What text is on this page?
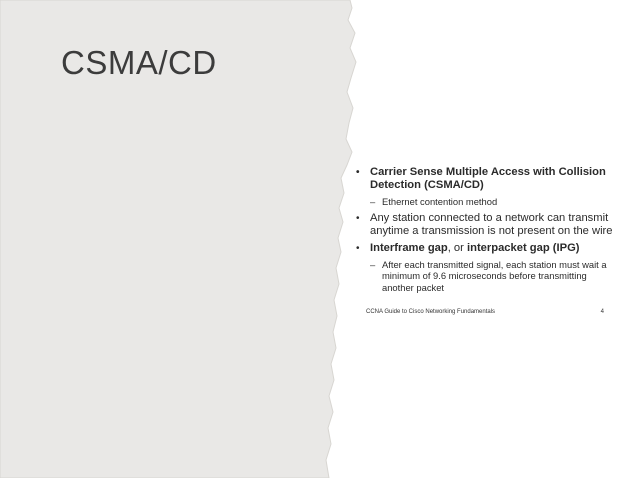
CSMA/CD
• Carrier Sense Multiple Access with Collision Detection (CSMA/CD)
– Ethernet contention method
• Any station connected to a network can transmit anytime a transmission is not present on the wire
• Interframe gap, or interpacket gap (IPG)
– After each transmitted signal, each station must wait a minimum of 9.6 microseconds before transmitting another packet
CCNA Guide to Cisco Networking Fundamentals	4
